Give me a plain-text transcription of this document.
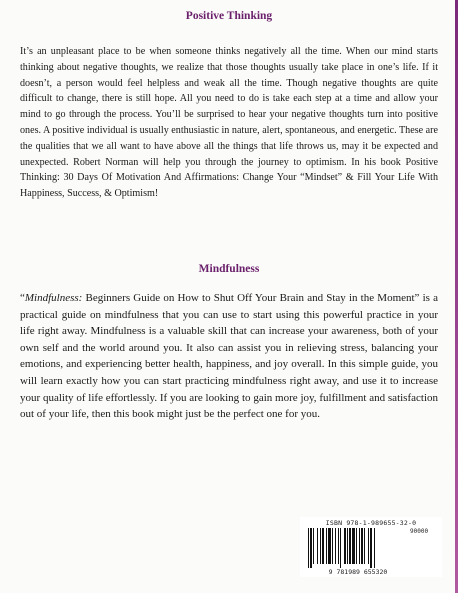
Positive Thinking

It’s an unpleasant place to be when someone thinks negatively all the time. When our mind starts thinking about negative thoughts, we realize that those thoughts usually take place in one’s life. If it doesn’t, a person would feel helpless and weak all the time. Though negative thoughts are quite difficult to change, there is still hope. All you need to do is take each step at a time and allow your mind to go through the process. You’ll be surprised to hear your negative thoughts turn into positive ones. A positive individual is usually enthusiastic in nature, alert, spontaneous, and energetic. These are the qualities that we all want to have above all the things that life throws us, may it be expected and unexpected. Robert Norman will help you through the journey to optimism. In his book Positive Thinking: 30 Days Of Motivation And Affirmations: Change Your “Mindset” & Fill Your Life With Happiness, Success, & Optimism!

Mindfulness

“Mindfulness: Beginners Guide on How to Shut Off Your Brain and Stay in the Moment” is a practical guide on mindfulness that you can use to start using this powerful practice in your life right away. Mindfulness is a valuable skill that can increase your awareness, both of your own self and the world around you. It also can assist you in relieving stress, balancing your emotions, and experiencing better health, happiness, and joy overall. In this simple guide, you will learn exactly how you can start practicing mindfulness right away, and use it to increase your quality of life effortlessly. If you are looking to gain more joy, fulfillment and satisfaction out of your life, then this book might just be the perfect one for you.

ISBN 978-1-989655-32-0
90000
9 781989 655320
